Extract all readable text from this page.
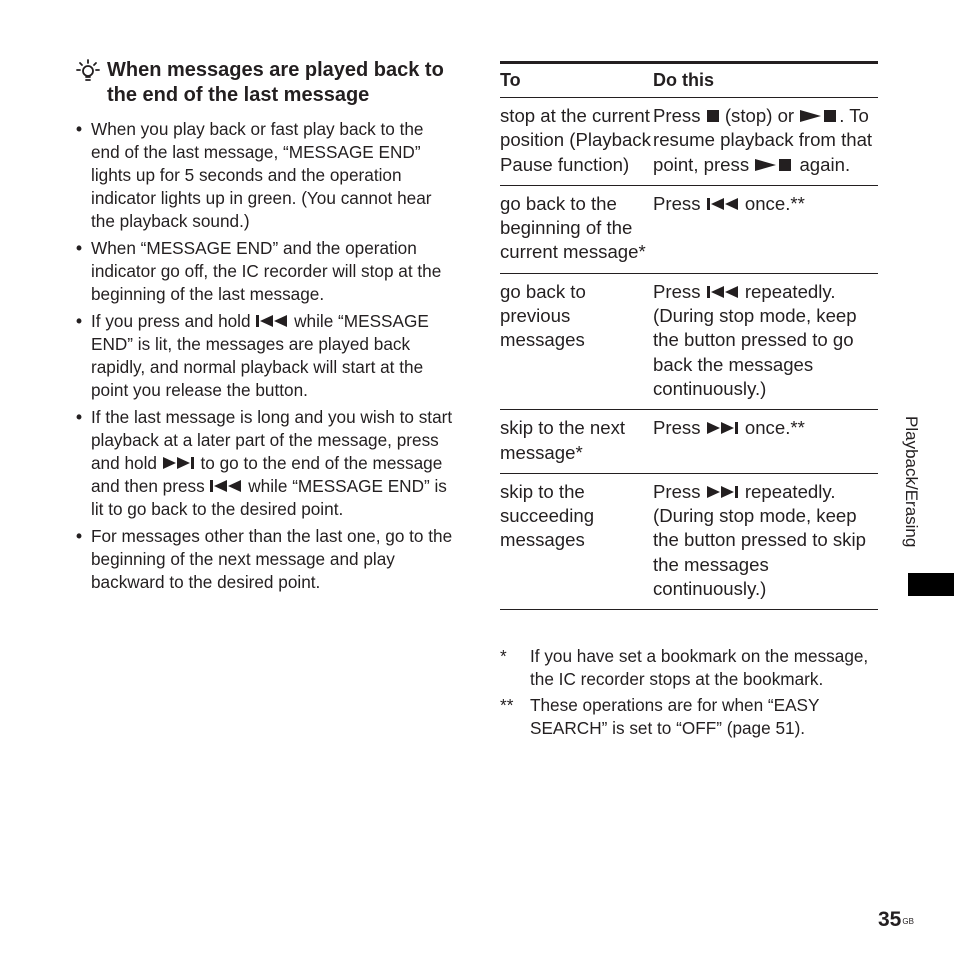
When messages are played back to the end of the last message
• When you play back or fast play back to the end of the last message, “MESSAGE END” lights up for 5 seconds and the operation indicator lights up in green. (You cannot hear the playback sound.)
• When “MESSAGE END” and the operation indicator go off, the IC recorder will stop at the beginning of the last message.
• If you press and hold  while “MESSAGE END” is lit, the messages are played back rapidly, and normal playback will start at the point you release the button.
• If the last message is long and you wish to start playback at a later part of the message, press and hold  to go to the end of the message and then press  while “MESSAGE END” is lit to go back to the desired point.
• For messages other than the last one, go to the beginning of the next message and play backward to the desired point.
To	Do this
stop at the current position (Playback Pause function)
Press  (stop) or . To resume playback from that point, press  again.
go back to the beginning of the current message*
Press  once.**
go back to previous messages
Press  repeatedly. (During stop mode, keep the button pressed to go back the messages continuously.)
skip to the next message*
Press  once.**
skip to the succeeding messages
Press  repeatedly. (During stop mode, keep the button pressed to skip the messages continuously.)
*	If you have set a bookmark on the message, the IC recorder stops at the bookmark.
** These operations are for when “EASY SEARCH” is set to “OFF” (page 51).
Playback/Erasing
$35^{GB}$
